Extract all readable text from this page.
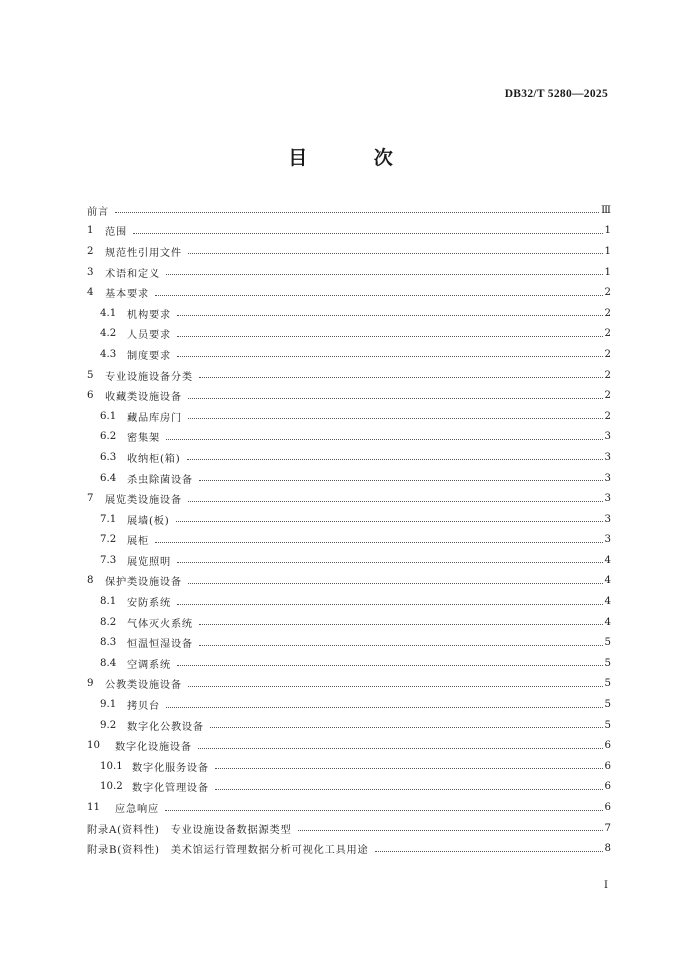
DB32/T 5280—2025
目 次
前言	Ⅲ
1	范围	1
2	规范性引用文件	1
3	术语和定义	1
4	基本要求	2
4.1	机构要求	2
4.2	人员要求	2
4.3	制度要求	2
5	专业设施设备分类	2
6	收藏类设施设备	2
6.1	藏品库房门	2
6.2	密集架	3
6.3	收纳柜(箱)	3
6.4	杀虫除菌设备	3
7	展览类设施设备	3
7.1	展墙(板)	3
7.2	展柜	3
7.3	展览照明	4
8	保护类设施设备	4
8.1	安防系统	4
8.2	气体灭火系统	4
8.3	恒温恒湿设备	5
8.4	空调系统	5
9	公教类设施设备	5
9.1	拷贝台	5
9.2	数字化公教设备	5
10	数字化设施设备	6
10.1 数字化服务设备	6
10.2 数字化管理设备	6
11	应急响应	6
附录A(资料性)　专业设施设备数据源类型	7
附录B(资料性)　美术馆运行管理数据分析可视化工具用途	8
Ⅰ
